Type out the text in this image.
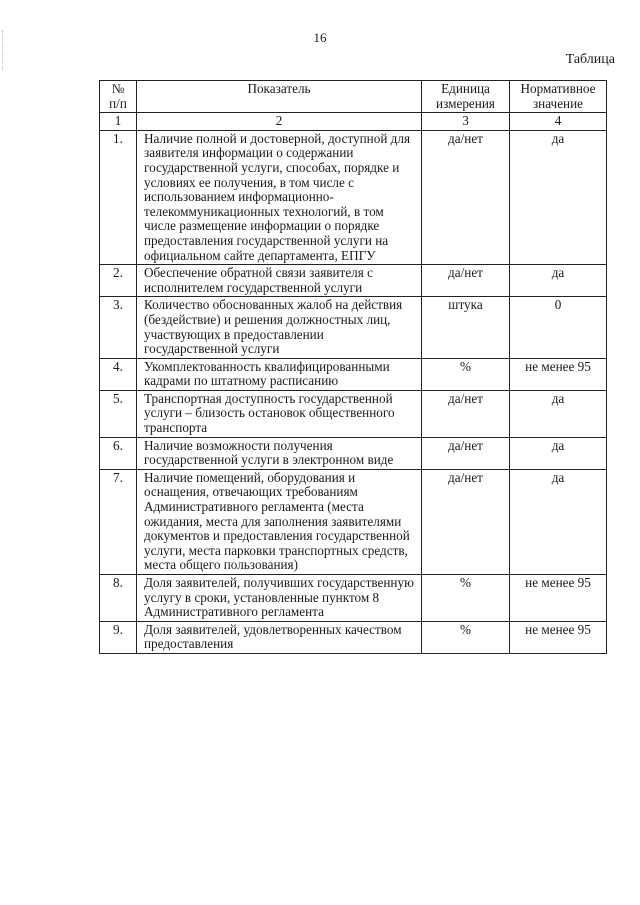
16
Таблица
№ п/п	Показатель	Единица измерения	Нормативное значение
1	2	3	4
1.	Наличие полной и достоверной, доступной для заявителя информации о содержании государственной услуги, способах, порядке и условиях ее получения, в том числе с использованием информационно-телекоммуникационных технологий, в том числе размещение информации о порядке предоставления государственной услуги на официальном сайте департамента, ЕПГУ	да/нет	да
2.	Обеспечение обратной связи заявителя с исполнителем государственной услуги	да/нет	да
3.	Количество обоснованных жалоб на действия (бездействие) и решения должностных лиц, участвующих в предоставлении государственной услуги	штука	0
4.	Укомплектованность квалифицированными кадрами по штатному расписанию	%	не менее 95
5.	Транспортная доступность государственной услуги – близость остановок общественного транспорта	да/нет	да
6.	Наличие возможности получения государственной услуги в электронном виде	да/нет	да
7.	Наличие помещений, оборудования и оснащения, отвечающих требованиям Административного регламента (места ожидания, места для заполнения заявителями документов и предоставления государственной услуги, места парковки транспортных средств, места общего пользования)	да/нет	да
8.	Доля заявителей, получивших государственную услугу в сроки, установленные пунктом 8 Административного регламента	%	не менее 95
9.	Доля заявителей, удовлетворенных качеством предоставления	%	не менее 95
